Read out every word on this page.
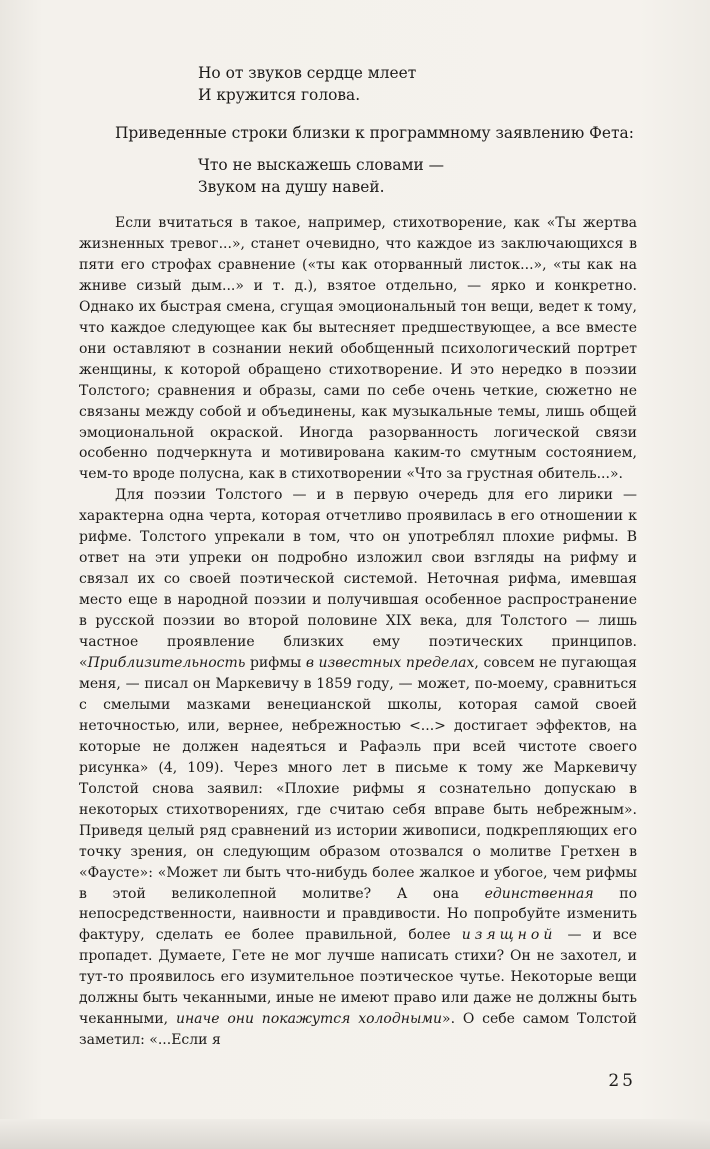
Но от звуков сердце млеет
И кружится голова.
Приведенные строки близки к программному заявлению Фета:
Что не выскажешь словами —
Звуком на душу навей.

Если вчитаться в такое, например, стихотворение, как «Ты жертва жизненных тревог...», станет очевидно, что каждое из заключающихся в пяти его строфах сравнение («ты как оторванный листок...», «ты как на жниве сизый дым...» и т. д.), взятое отдельно, — ярко и конкретно. Однако их быстрая смена, сгущая эмоциональный тон вещи, ведет к тому, что каждое следующее как бы вытесняет предшествующее, а все вместе они оставляют в сознании некий обобщенный психологический портрет женщины, к которой обращено стихотворение. И это нередко в поэзии Толстого; сравнения и образы, сами по себе очень четкие, сюжетно не связаны между собой и объединены, как музыкальные темы, лишь общей эмоциональной окраской. Иногда разорванность логической связи особенно подчеркнута и мотивирована каким-то смутным состоянием, чем-то вроде полусна, как в стихотворении «Что за грустная обитель...».

Для поэзии Толстого — и в первую очередь для его лирики — характерна одна черта, которая отчетливо проявилась в его отношении к рифме. Толстого упрекали в том, что он употреблял плохие рифмы. В ответ на эти упреки он подробно изложил свои взгляды на рифму и связал их со своей поэтической системой. Неточная рифма, имевшая место еще в народной поэзии и получившая особенное распространение в русской поэзии во второй половине XIX века, для Толстого — лишь частное проявление близких ему поэтических принципов. «Приблизительность рифмы в известных пределах, совсем не пугающая меня, — писал он Маркевичу в 1859 году, — может, по-моему, сравниться с смелыми мазками венецианской школы, которая самой своей неточностью, или, вернее, небрежностью <...> достигает эффектов, на которые не должен надеяться и Рафаэль при всей чистоте своего рисунка» (4, 109). Через много лет в письме к тому же Маркевичу Толстой снова заявил: «Плохие рифмы я сознательно допускаю в некоторых стихотворениях, где считаю себя вправе быть небрежным». Приведя целый ряд сравнений из истории живописи, подкрепляющих его точку зрения, он следующим образом отозвался о молитве Гретхен в «Фаусте»: «Может ли быть что-нибудь более жалкое и убогое, чем рифмы в этой великолепной молитве? А она единственная по непосредственности, наивности и правдивости. Но попробуйте изменить фактуру, сделать ее более правильной, более изящной — и все пропадет. Думаете, Гете не мог лучше написать стихи? Он не захотел, и тут-то проявилось его изумительное поэтическое чутье. Некоторые вещи должны быть чеканными, иные не имеют право или даже не должны быть чеканными, иначе они покажутся холодными». О себе самом Толстой заметил: «...Если я

25
